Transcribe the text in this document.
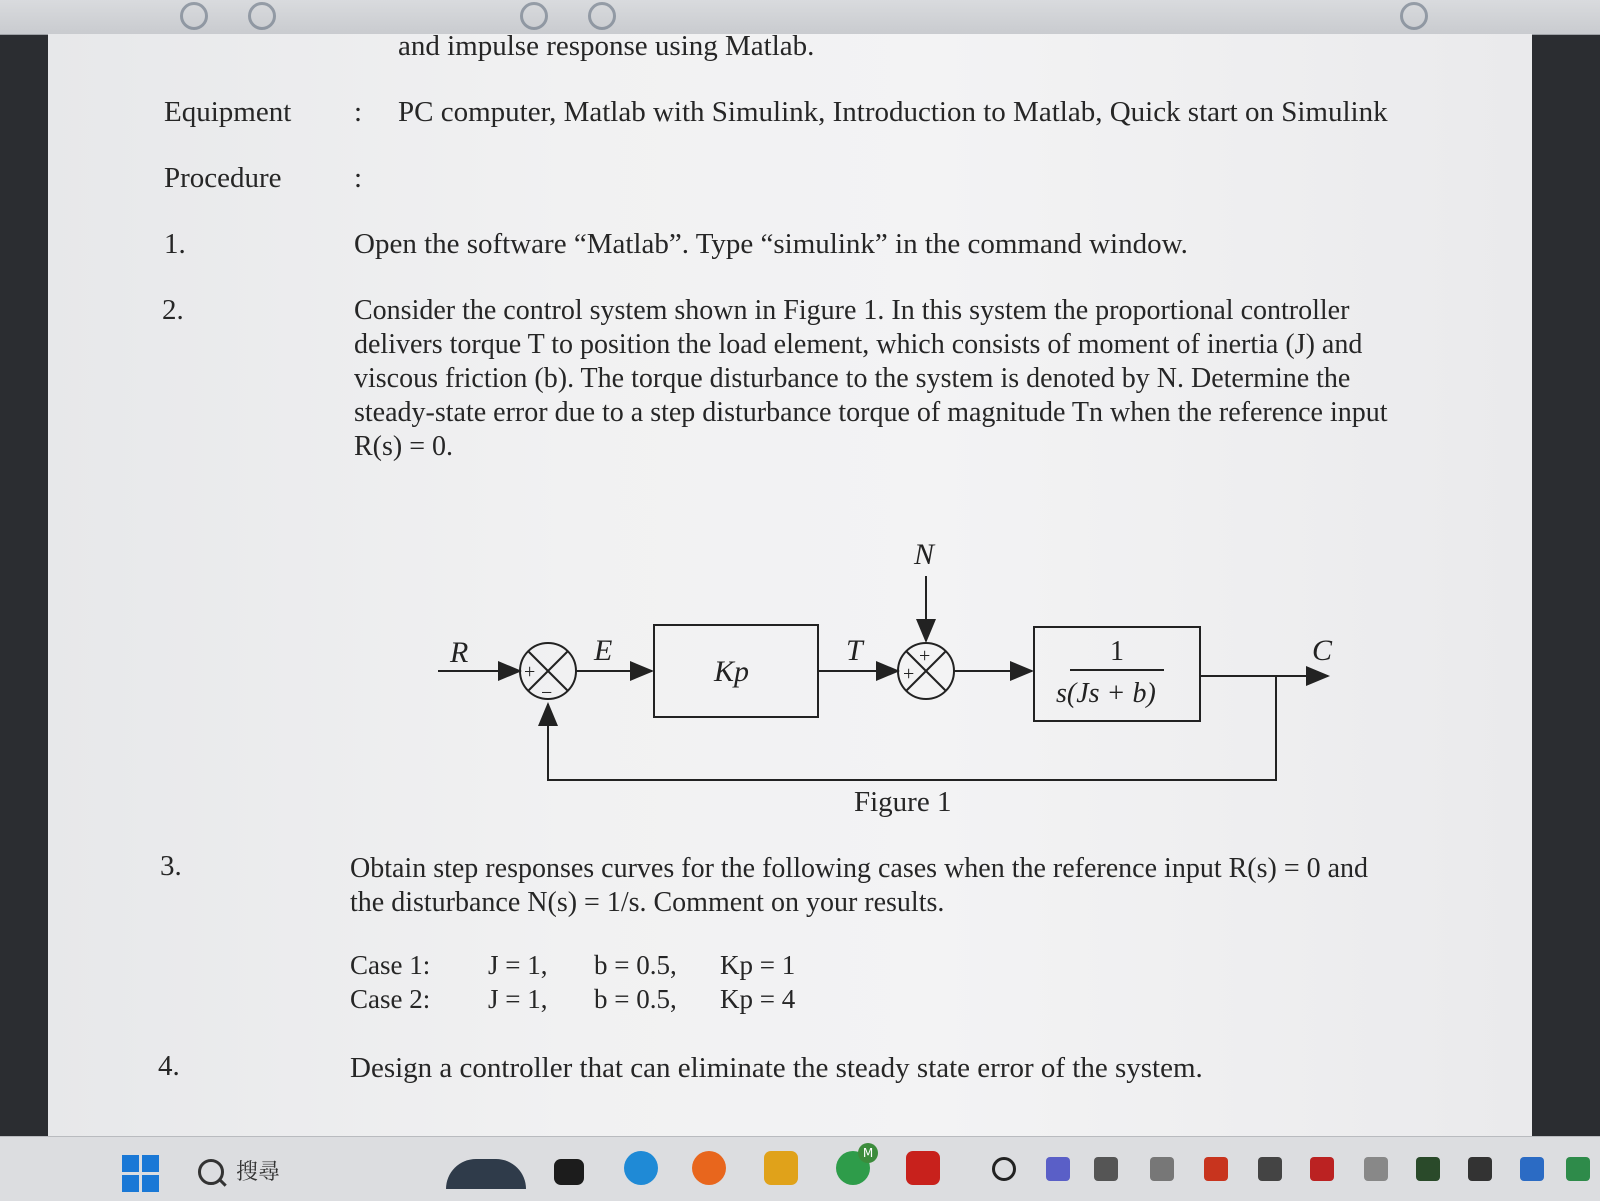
and impulse response using Matlab.
Equipment : PC computer, Matlab with Simulink, Introduction to Matlab, Quick start on Simulink
Procedure :
1.	Open the software “Matlab”. Type “simulink” in the command window.
2.	Consider the control system shown in Figure 1. In this system the proportional controller
delivers torque T to position the load element, which consists of moment of inertia (J) and
viscous friction (b). The torque disturbance to the system is denoted by N. Determine the
steady-state error due to a step disturbance torque of magnitude Tn when the reference input
R(s) = 0.
R
+
−
E
Kp
T
N
+
+
1
s(Js + b)
C
Figure 1
3.	Obtain step responses curves for the following cases when the reference input R(s) = 0 and
the disturbance N(s) = 1/s. Comment on your results.
Case 1: J = 1, b = 0.5, Kp = 1
Case 2: J = 1, b = 0.5, Kp = 4
4.	Design a controller that can eliminate the steady state error of the system.
搜尋
M
